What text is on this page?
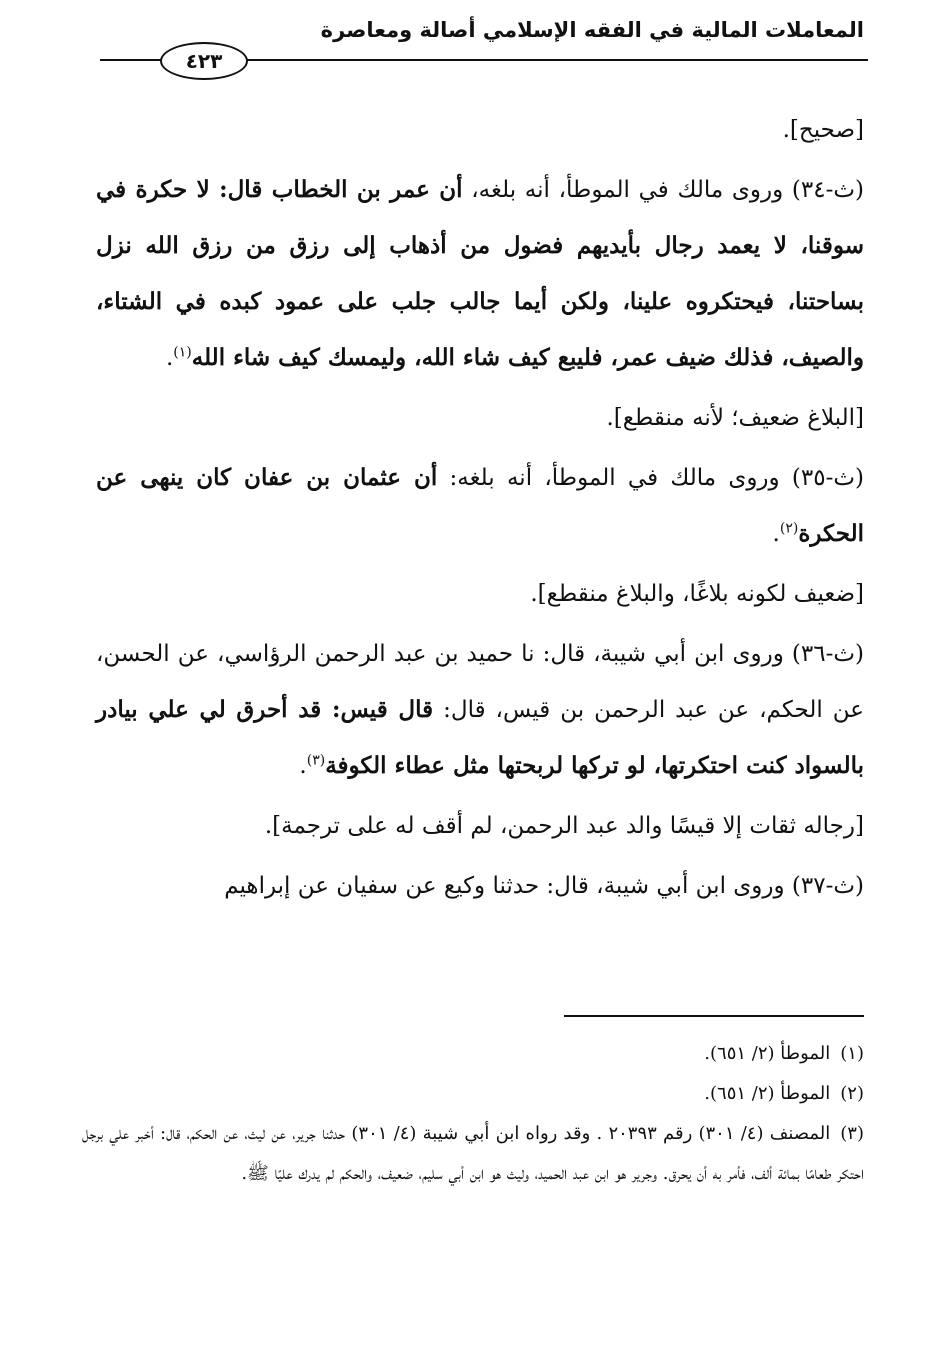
المعاملات المالية في الفقه الإسلامي أصالة ومعاصرة
٤٢٣

[صحيح].

(ث-٣٤) وروى مالك في الموطأ، أنه بلغه، أن عمر بن الخطاب قال: لا حكرة في سوقنا، لا يعمد رجال بأيديهم فضول من أذهاب إلى رزق من رزق الله نزل بساحتنا، فيحتكروه علينا، ولكن أيما جالب جلب على عمود كبده في الشتاء، والصيف، فذلك ضيف عمر، فليبع كيف شاء الله، وليمسك كيف شاء الله$^{(١)}$.

[البلاغ ضعيف؛ لأنه منقطع].

(ث-٣٥) وروى مالك في الموطأ، أنه بلغه: أن عثمان بن عفان كان ينهى عن الحكرة$^{(٢)}$.

[ضعيف لكونه بلاغًا، والبلاغ منقطع].

(ث-٣٦) وروى ابن أبي شيبة، قال: نا حميد بن عبد الرحمن الرؤاسي، عن الحسن، عن الحكم، عن عبد الرحمن بن قيس، قال: قال قيس: قد أحرق لي علي بيادر بالسواد كنت احتكرتها، لو تركها لربحتها مثل عطاء الكوفة$^{(٣)}$.

[رجاله ثقات إلا قيسًا والد عبد الرحمن، لم أقف له على ترجمة].

(ث-٣٧) وروى ابن أبي شيبة، قال: حدثنا وكيع عن سفيان عن إبراهيم

(١)الموطأ (٢/ ٦٥١).

(٢)الموطأ (٢/ ٦٥١).

(٣)المصنف (٤/ ٣٠١) رقم ٢٠٣٩٣ . وقد رواه ابن أبي شيبة (٤/ ٣٠١) حدثنا جرير، عن ليث، عن الحكم، قال: أخبر علي برجل احتكر طعامًا بمائة ألف، فأمر به أن يحرق. وجرير هو ابن عبد الحميد، وليث هو ابن أبي سليم، ضعيف، والحكم لم يدرك عليًا ﷺ.
